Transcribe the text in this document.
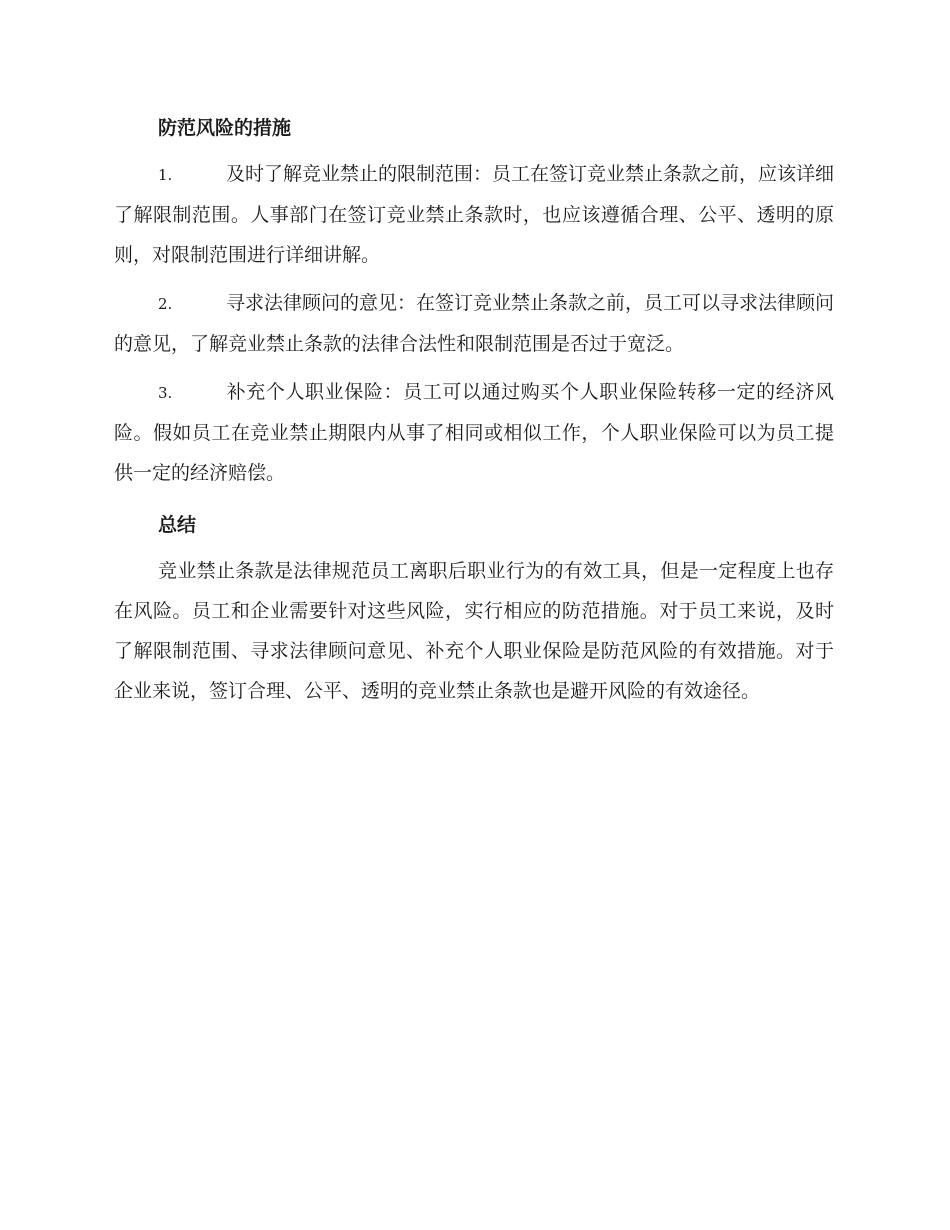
防范风险的措施

1.	及时了解竞业禁止的限制范围：员工在签订竞业禁止条款之前，应该详细了解限制范围。人事部门在签订竞业禁止条款时，也应该遵循合理、公平、透明的原则，对限制范围进行详细讲解。

2.	寻求法律顾问的意见：在签订竞业禁止条款之前，员工可以寻求法律顾问的意见，了解竞业禁止条款的法律合法性和限制范围是否过于宽泛。

3.	补充个人职业保险：员工可以通过购买个人职业保险转移一定的经济风险。假如员工在竞业禁止期限内从事了相同或相似工作，个人职业保险可以为员工提供一定的经济赔偿。

总结

竞业禁止条款是法律规范员工离职后职业行为的有效工具，但是一定程度上也存在风险。员工和企业需要针对这些风险，实行相应的防范措施。对于员工来说，及时了解限制范围、寻求法律顾问意见、补充个人职业保险是防范风险的有效措施。对于企业来说，签订合理、公平、透明的竞业禁止条款也是避开风险的有效途径。
